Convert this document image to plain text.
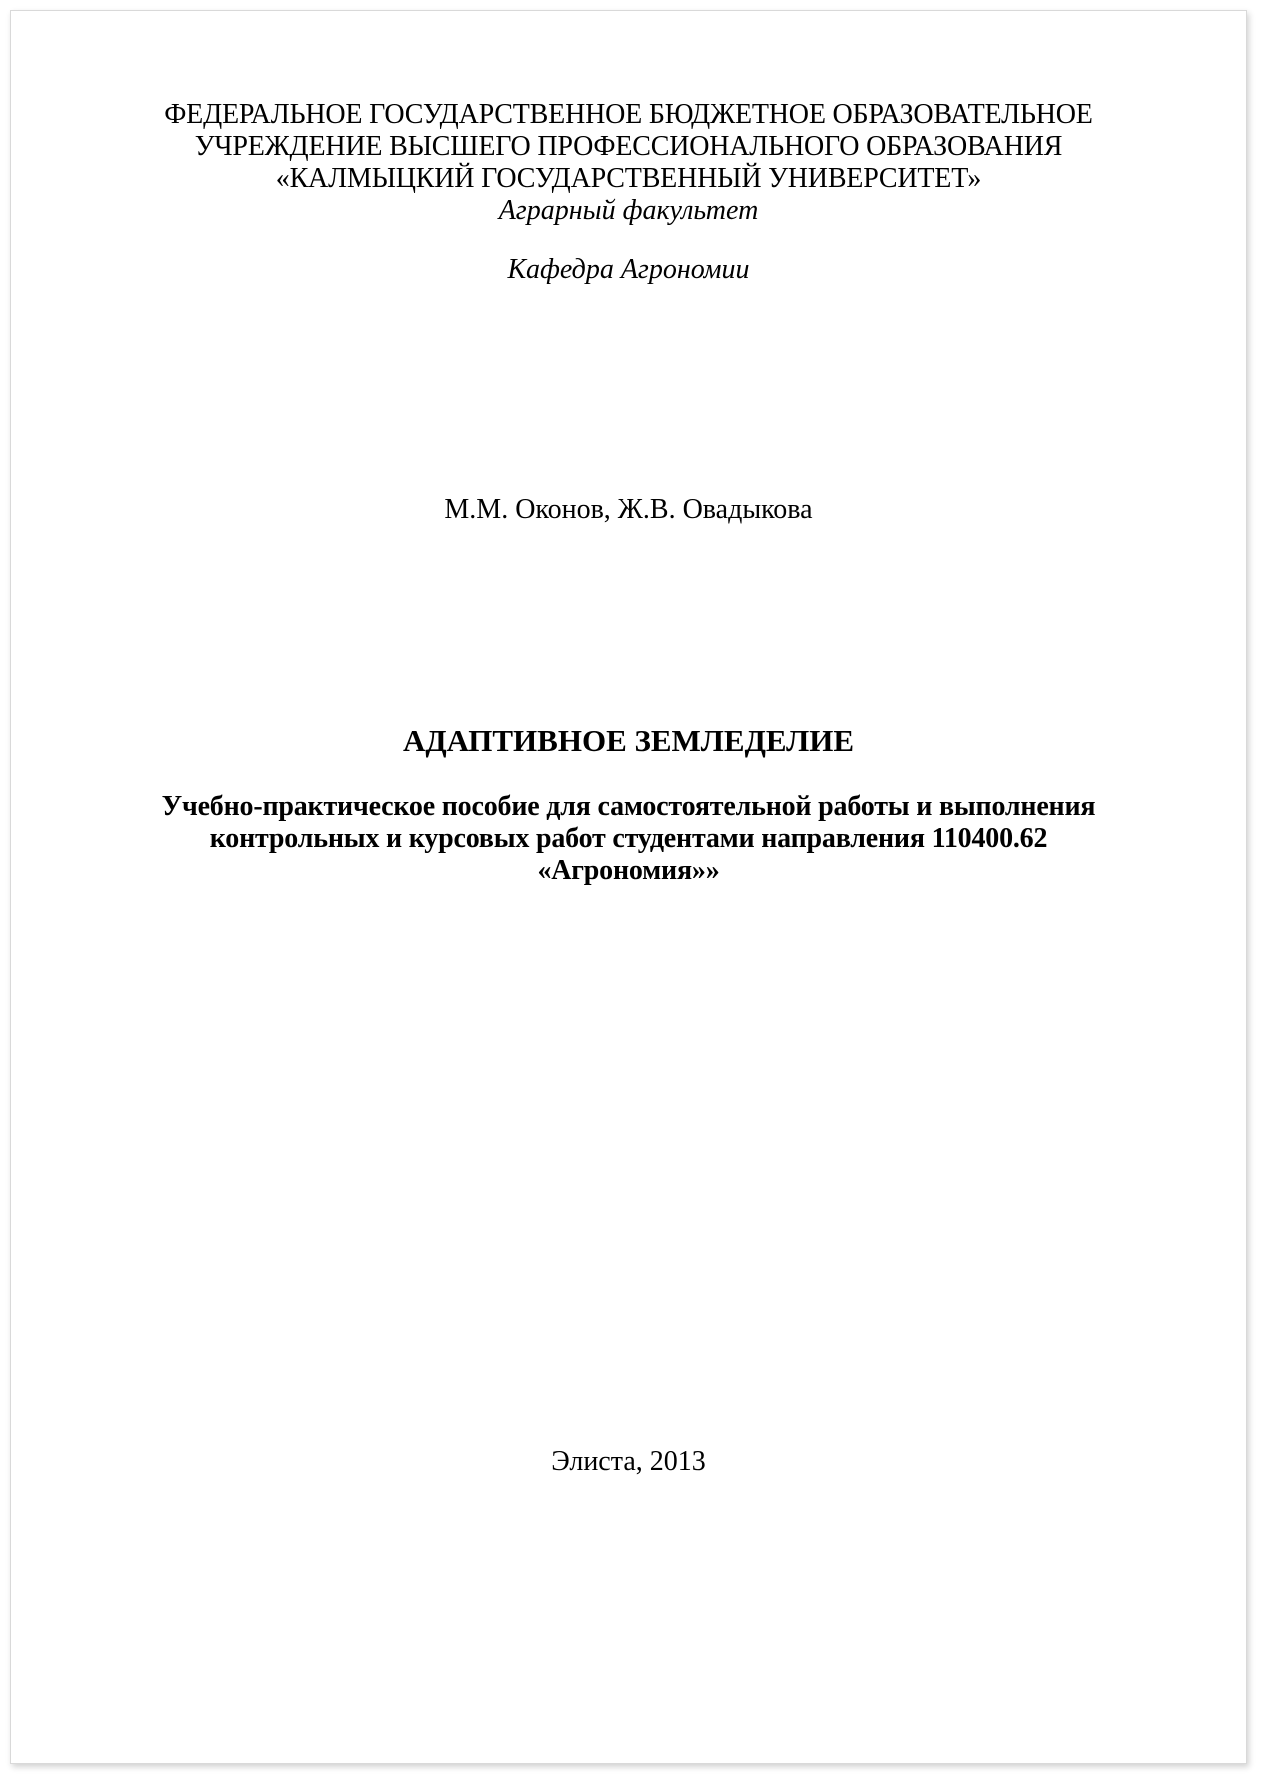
ФЕДЕРАЛЬНОЕ ГОСУДАРСТВЕННОЕ БЮДЖЕТНОЕ ОБРАЗОВАТЕЛЬНОЕ
УЧРЕЖДЕНИЕ ВЫСШЕГО ПРОФЕССИОНАЛЬНОГО ОБРАЗОВАНИЯ
«КАЛМЫЦКИЙ ГОСУДАРСТВЕННЫЙ УНИВЕРСИТЕТ»
Аграрный факультет
Кафедра Агрономии
М.М. Оконов, Ж.В. Овадыкова
АДАПТИВНОЕ ЗЕМЛЕДЕЛИЕ
Учебно-практическое пособие для самостоятельной работы и выполнения
контрольных и курсовых работ студентами направления 110400.62
«Агрономия»»
Элиста, 2013
